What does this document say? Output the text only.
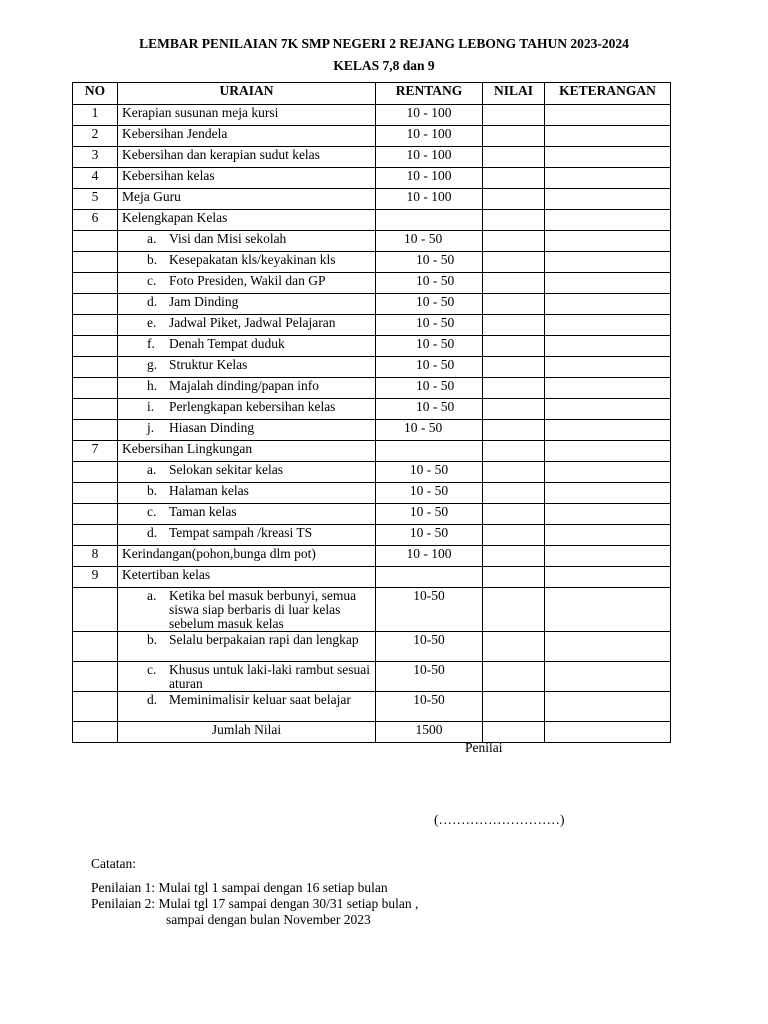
LEMBAR PENILAIAN 7K SMP NEGERI 2 REJANG LEBONG TAHUN 2023-2024
KELAS 7,8 dan 9
NO	URAIAN	RENTANG	NILAI	KETERANGAN
1	Kerapian susunan meja kursi	10 - 100		
2	Kebersihan Jendela	10 - 100		
3	Kebersihan dan kerapian sudut kelas	10 - 100		
4	Kebersihan kelas	10 - 100		
5	Meja Guru	10 - 100		
6	Kelengkapan Kelas			

	a. Visi dan Misi sekolah	10 - 50		

	b. Kesepakatan kls/keyakinan kls	10 - 50		

	c. Foto Presiden, Wakil dan GP	10 - 50		

	d. Jam Dinding	10 - 50		

	e. Jadwal Piket, Jadwal Pelajaran	10 - 50		

	f. Denah Tempat duduk	10 - 50		

	g. Struktur Kelas	10 - 50		

	h. Majalah dinding/papan info	10 - 50		

	i. Perlengkapan kebersihan kelas	10 - 50		

	j. Hiasan Dinding	10 - 50		
7	Kebersihan Lingkungan			

	a. Selokan sekitar kelas	10 - 50		

	b. Halaman kelas	10 - 50		

	c. Taman kelas	10 - 50		

	d. Tempat sampah /kreasi TS	10 - 50		
8	Kerindangan(pohon,bunga dlm pot)	10 - 100		
9	Ketertiban kelas			

	a. Ketika bel masuk berbunyi, semua siswa siap berbaris di luar kelas sebelum masuk kelas	10-50		

	b. Selalu berpakaian rapi dan lengkap	10-50		

	c. Khusus untuk laki-laki rambut sesuai aturan	10-50		

	d. Meminimalisir keluar saat belajar	10-50		
	Jumlah Nilai	1500		
Penilai
(………………………)
Catatan:
Penilaian 1: Mulai tgl 1 sampai dengan 16 setiap bulan
Penilaian 2: Mulai tgl 17 sampai dengan 30/31 setiap bulan ,
sampai dengan bulan November 2023
